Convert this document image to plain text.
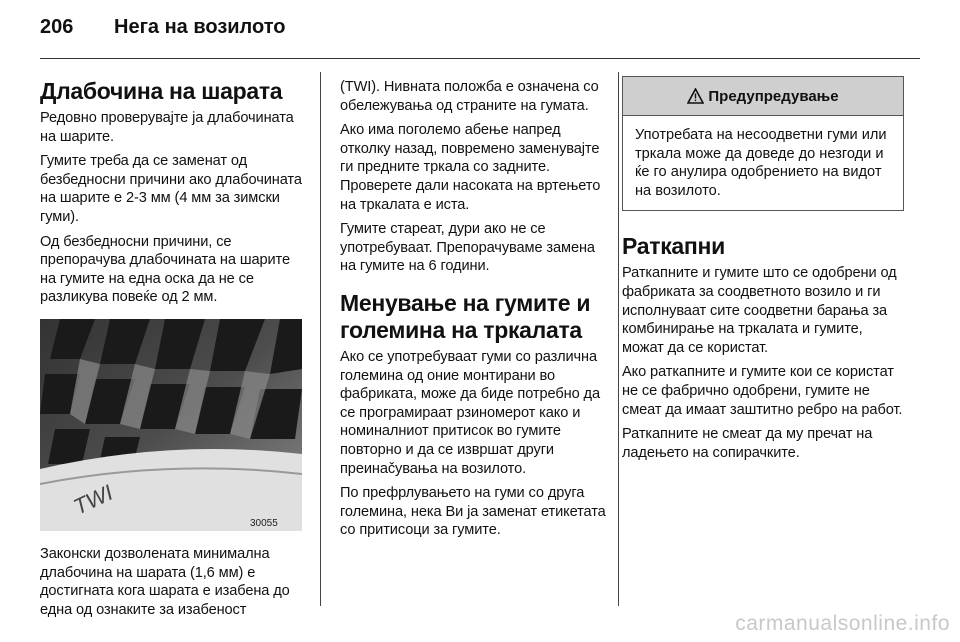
206 Нега на возилото
Длабочина на шарата

Редовно проверувајте ја длабочината на шарите.

Гумите треба да се заменат од безбедносни причини ако длабочината на шарите е 2-3 мм (4 мм за зимски гуми).

Од безбедносни причини, се препорачува длабочината на шарите на гумите на една оска да не се разликува повеќе од 2 мм.

TWI
30055

Законски дозволената минимална длабочина на шарата (1,6 мм) е достигната кога шарата е изабена до една од ознаките за изабеност

(TWI). Нивната положба е означена со обележувања од страните на гумата.

Ако има поголемо абење напред отколку назад, повремено заменувајте ги предните тркала со задните. Проверете дали насоката на вртењето на тркалата е иста.

Гумите стареат, дури ако не се употребуваат. Препорачуваме замена на гумите на 6 години.

Менување на гумите и големина на тркалата

Ако се употребуваат гуми со различна големина од оние монтирани во фабриката, може да биде потребно да се програмираат рзиномерот како и номиналниот притисок во гумите повторно и да се извршат други преинačувања на возилото.

По префрлувањето на гуми со друга големина, нека Ви ја заменат етикетата со притисоци за гумите.

Предупредување
Употребата на несоодветни гуми или тркала може да доведе до незгоди и ќе го анулира одобрението на видот на возилото.
Раткапни

Раткапните и гумите што се одобрени од фабриката за соодветното возило и ги исполнуваат сите соодветни барања за комбинирање на тркалата и гумите, можат да се користат.

Ако раткапните и гумите кои се користат не се фабрично одобрени, гумите не смеат да имаат заштитно ребро на работ.

Раткапните не смеат да му пречат на ладењето на сопирачките.

carmanualsonline.info
